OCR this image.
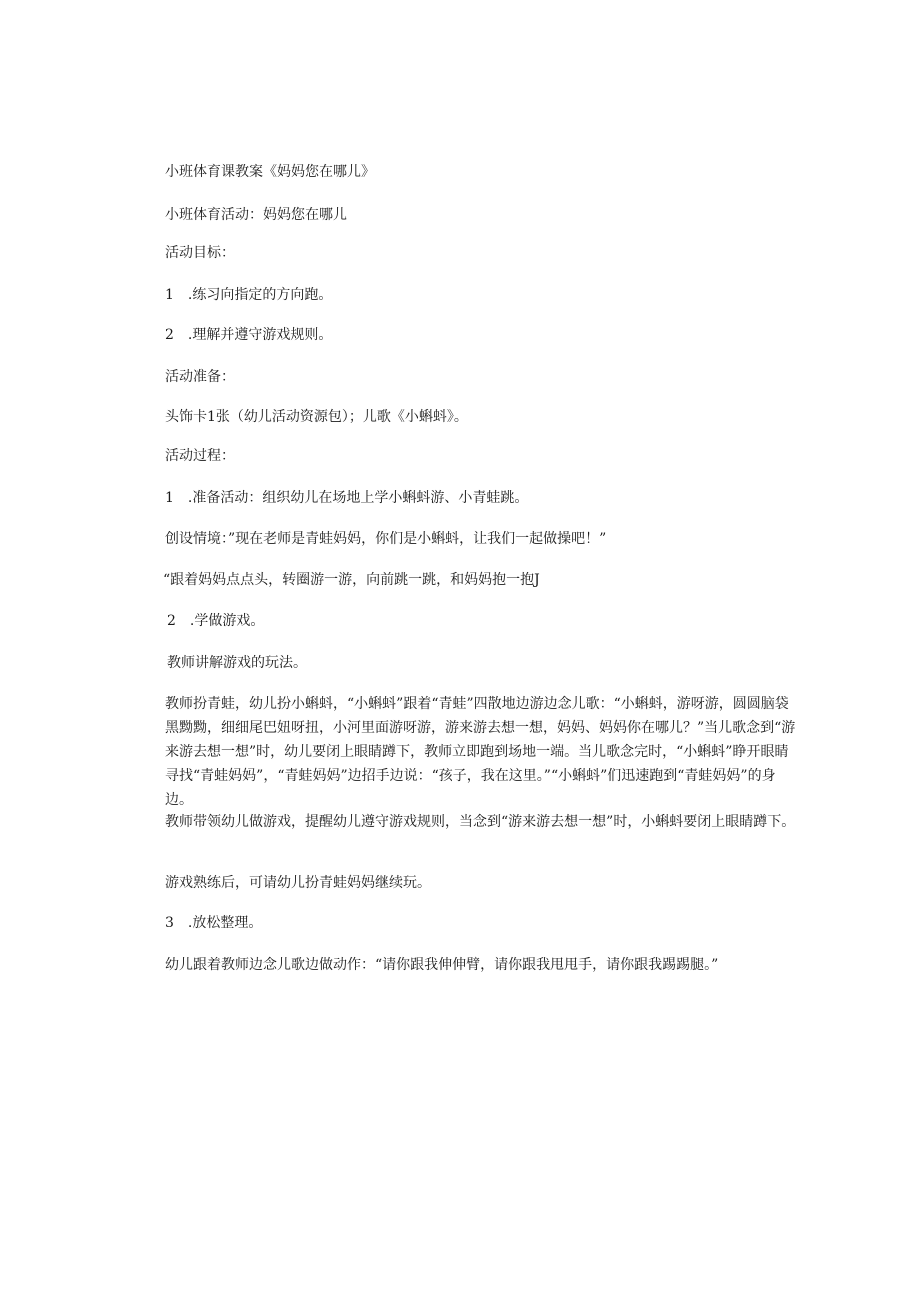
小班体育课教案《妈妈您在哪儿》

小班体育活动：妈妈您在哪儿

活动目标：

1　.练习向指定的方向跑。

2　.理解并遵守游戏规则。

活动准备：

头饰卡1张（幼儿活动资源包）；儿歌《小蝌蚪》。

活动过程：

1　.准备活动：组织幼儿在场地上学小蝌蚪游、小青蛙跳。

创设情境：”现在老师是青蛙妈妈，你们是小蝌蚪，让我们一起做操吧！”

“跟着妈妈点点头，转圈游一游，向前跳一跳，和妈妈抱一抱J

2　.学做游戏。

教师讲解游戏的玩法。

教师扮青蛙，幼儿扮小蝌蚪，“小蝌蚪”跟着“青蛙”四散地边游边念儿歌：“小蝌蚪，游呀游，圆圆脑袋黑黝黝，细细尾巴妞呀扭，小河里面游呀游，游来游去想一想，妈妈、妈妈你在哪儿？”当儿歌念到“游来游去想一想”时，幼儿要闭上眼睛蹲下，教师立即跑到场地一端。当儿歌念完时，“小蝌蚪”睁开眼睛寻找“青蛙妈妈”，“青蛙妈妈”边招手边说：“孩子，我在这里。”“小蝌蚪”们迅速跑到“青蛙妈妈”的身边。

教师带领幼儿做游戏，提醒幼儿遵守游戏规则，当念到“游来游去想一想”时，小蝌蚪要闭上眼睛蹲下。

游戏熟练后，可请幼儿扮青蛙妈妈继续玩。

3　.放松整理。

幼儿跟着教师边念儿歌边做动作：“请你跟我伸伸臂，请你跟我甩甩手，请你跟我踢踢腿。”
